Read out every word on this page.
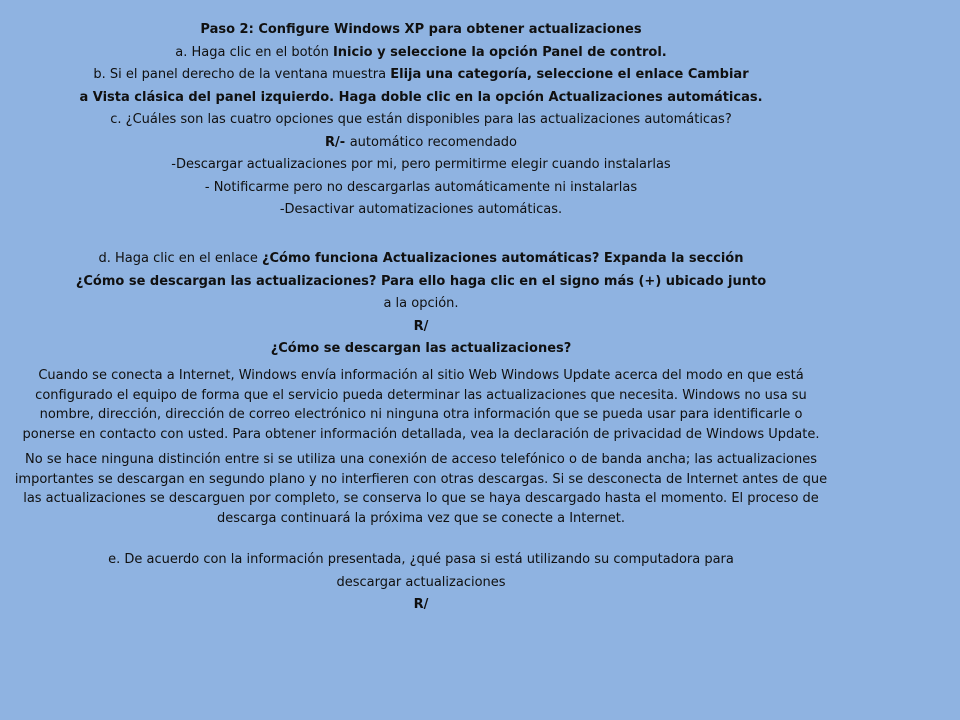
Paso 2: Configure Windows XP para obtener actualizaciones
a. Haga clic en el botón Inicio y seleccione la opción Panel de control.
b. Si el panel derecho de la ventana muestra Elija una categoría, seleccione el enlace Cambiar
a Vista clásica del panel izquierdo. Haga doble clic en la opción Actualizaciones automáticas.
c. ¿Cuáles son las cuatro opciones que están disponibles para las actualizaciones automáticas?
R/- automático recomendado
-Descargar actualizaciones por mi, pero permitirme elegir cuando instalarlas
- Notificarme pero no descargarlas automáticamente ni instalarlas
-Desactivar automatizaciones automáticas.
d. Haga clic en el enlace ¿Cómo funciona Actualizaciones automáticas? Expanda la sección
¿Cómo se descargan las actualizaciones? Para ello haga clic en el signo más (+) ubicado junto
a la opción.
R/
¿Cómo se descargan las actualizaciones?

Cuando se conecta a Internet, Windows envía información al sitio Web Windows Update acerca del modo en que está configurado el equipo de forma que el servicio pueda determinar las actualizaciones que necesita. Windows no usa su nombre, dirección, dirección de correo electrónico ni ninguna otra información que se pueda usar para identificarle o ponerse en contacto con usted. Para obtener información detallada, vea la declaración de privacidad de Windows Update.

No se hace ninguna distinción entre si se utiliza una conexión de acceso telefónico o de banda ancha; las actualizaciones importantes se descargan en segundo plano y no interfieren con otras descargas. Si se desconecta de Internet antes de que las actualizaciones se descarguen por completo, se conserva lo que se haya descargado hasta el momento. El proceso de descarga continuará la próxima vez que se conecte a Internet.

e. De acuerdo con la información presentada, ¿qué pasa si está utilizando su computadora para
descargar actualizaciones
R/
